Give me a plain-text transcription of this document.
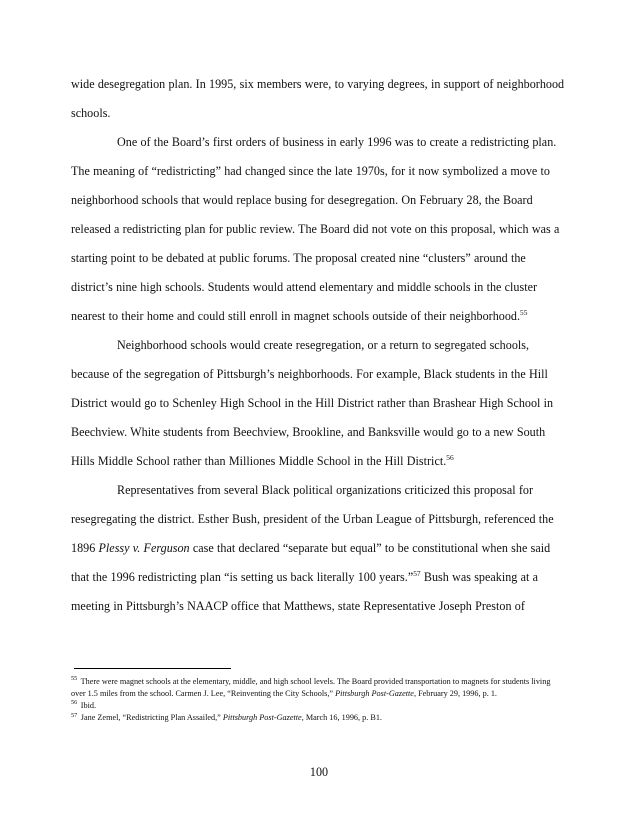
wide desegregation plan. In 1995, six members were, to varying degrees, in support of neighborhood schools.

One of the Board’s first orders of business in early 1996 was to create a redistricting plan. The meaning of “redistricting” had changed since the late 1970s, for it now symbolized a move to neighborhood schools that would replace busing for desegregation. On February 28, the Board released a redistricting plan for public review. The Board did not vote on this proposal, which was a starting point to be debated at public forums. The proposal created nine “clusters” around the district’s nine high schools. Students would attend elementary and middle schools in the cluster nearest to their home and could still enroll in magnet schools outside of their neighborhood.$^{55}$

Neighborhood schools would create resegregation, or a return to segregated schools, because of the segregation of Pittsburgh’s neighborhoods. For example, Black students in the Hill District would go to Schenley High School in the Hill District rather than Brashear High School in Beechview. White students from Beechview, Brookline, and Banksville would go to a new South Hills Middle School rather than Milliones Middle School in the Hill District.$^{56}$

Representatives from several Black political organizations criticized this proposal for resegregating the district. Esther Bush, president of the Urban League of Pittsburgh, referenced the 1896 Plessy v. Ferguson case that declared “separate but equal” to be constitutional when she said that the 1996 redistricting plan “is setting us back literally 100 years.”$^{57}$ Bush was speaking at a meeting in Pittsburgh’s NAACP office that Matthews, state Representative Joseph Preston of

$^{55}$ There were magnet schools at the elementary, middle, and high school levels. The Board provided transportation to magnets for students living over 1.5 miles from the school. Carmen J. Lee, “Reinventing the City Schools,” Pittsburgh Post-Gazette, February 29, 1996, p. 1.

$^{56}$ Ibid.

$^{57}$ Jane Zemel, “Redistricting Plan Assailed,” Pittsburgh Post-Gazette, March 16, 1996, p. B1.

100
